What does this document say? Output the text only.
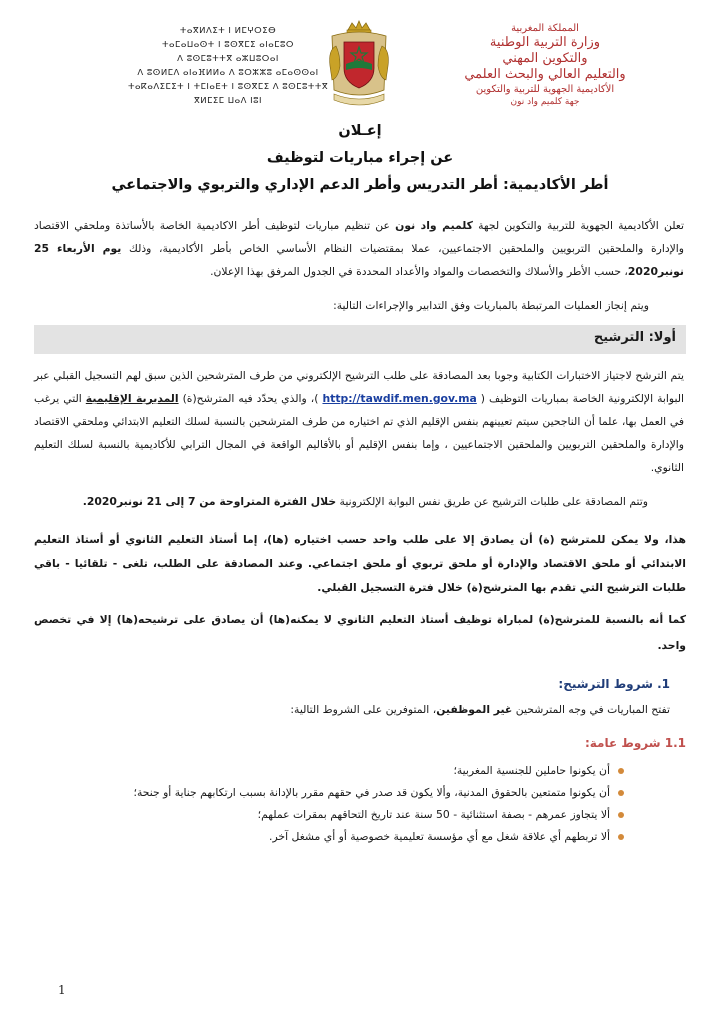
ⵜⴰⴳⵍⴷⵉⵜ ⵏ ⵍⵎⵖⵔⵉⴱ
ⵜⴰⵎⴰⵡⴰⵙⵜ ⵏ ⵓⵙⴳⵎⵉ ⴰⵏⴰⵎⵓⵔ
ⴷ ⵓⵙⵎⵓⵜⵜⴳ ⴰⵣⵡⵓⵔⴰⵏ
ⴷ ⵓⵙⵍⵎⴷ ⴰⵏⴰⴼⵍⵍⴰ ⴷ ⵓⵔⵣⵣⵓ ⴰⵎⴰⵙⵙⴰⵏ
ⵜⴰⴽⴰⴷⵉⵎⵉⵜ ⵏ ⵜⵎⵏⴰⴹⵜ ⵏ ⵓⵙⴳⵎⵉ ⴷ ⵓⵙⵎⵓⵜⵜⴳ
ⴳⵍⵎⵉⵎ ⵡⴰⴷ ⵏⵓⵏ
المملكة المغربية
وزارة التربية الوطنية
والتكوين المهني
والتعليم العالي والبحث العلمي
الأكاديمية الجهوية للتربية والتكوين
جهة كلميم واد نون
إعـلان
عن إجراء مباريات لتوظيف
أطر الأكاديمية: أطر التدريس وأطر الدعم الإداري والتربوي والاجتماعي
تعلن الأكاديمية الجهوية للتربية والتكوين لجهة كلميم واد نون عن تنظيم مباريات لتوظيف أطر الاكاديمية الخاصة بالأساتذة وملحقي الاقتصاد والإدارة والملحقين التربويين والملحقين الاجتماعيين، عملا بمقتضيات النظام الأساسي الخاص بأطر الأكاديمية، وذلك يوم الأربعاء 25 نونبر2020، حسب الأطر والأسلاك والتخصصات والمواد والأعداد المحددة في الجدول المرفق بهذا الإعلان.
ويتم إنجاز العمليات المرتبطة بالمباريات وفق التدابير والإجراءات التالية:
أولا: الترشيح
يتم الترشح لاجتياز الاختبارات الكتابية وجوبا بعد المصادقة على طلب الترشيح الإلكتروني من طرف المترشحين الذين سبق لهم التسجيل القبلي عبر البوابة الإلكترونية الخاصة بمباريات التوظيف ( http://tawdif.men.gov.ma )، والذي يحدّد فيه المترشح(ة) المديرية الإقليمية التي يرغب في العمل بها، علما أن الناجحين سيتم تعيينهم بنفس الإقليم الذي تم اختياره من طرف المترشحين بالنسبة لسلك التعليم الابتدائي وملحقي الاقتصاد والإدارة والملحقين التربويين والملحقين الاجتماعيين ، وإما بنفس الإقليم أو بالأقاليم الواقعة في المجال الترابي للأكاديمية بالنسبة لسلك التعليم الثانوي.
وتتم المصادقة على طلبات الترشيح عن طريق نفس البوابة الإلكترونية خلال الفترة المتراوحة من 7 إلى 21 نونبر2020.
هذا، ولا يمكن للمترشح (ة) أن يصادق إلا على طلب واحد حسب اختياره (ها)، إما أستاذ التعليم الثانوي أو أستاذ التعليم الابتدائي أو ملحق الاقتصاد والإدارة أو ملحق تربوي أو ملحق اجتماعي. وعند المصادقة على الطلب، تلغى - تلقائيا - باقي طلبات الترشيح التي تقدم بها المترشح(ة) خلال فترة التسجيل القبلي.
كما أنه بالنسبة للمترشح(ة) لمباراة توظيف أستاذ التعليم الثانوي لا يمكنه(ها) أن يصادق على ترشيحه(ها) إلا في تخصص واحد.
1. شروط الترشيح:
تفتح المباريات في وجه المترشحين غير الموظفين، المتوفرين على الشروط التالية:
1.1 شروط عامة:
أن يكونوا حاملين للجنسية المغربية؛
أن يكونوا متمتعين بالحقوق المدنية، وألا يكون قد صدر في حقهم مقرر بالإدانة بسبب ارتكابهم جناية أو جنحة؛
ألا يتجاوز عمرهم - بصفة استثنائية - 50 سنة عند تاريخ التحاقهم بمقرات عملهم؛
ألا تربطهم أي علاقة شغل مع أي مؤسسة تعليمية خصوصية أو أي مشغل آخر.
1
